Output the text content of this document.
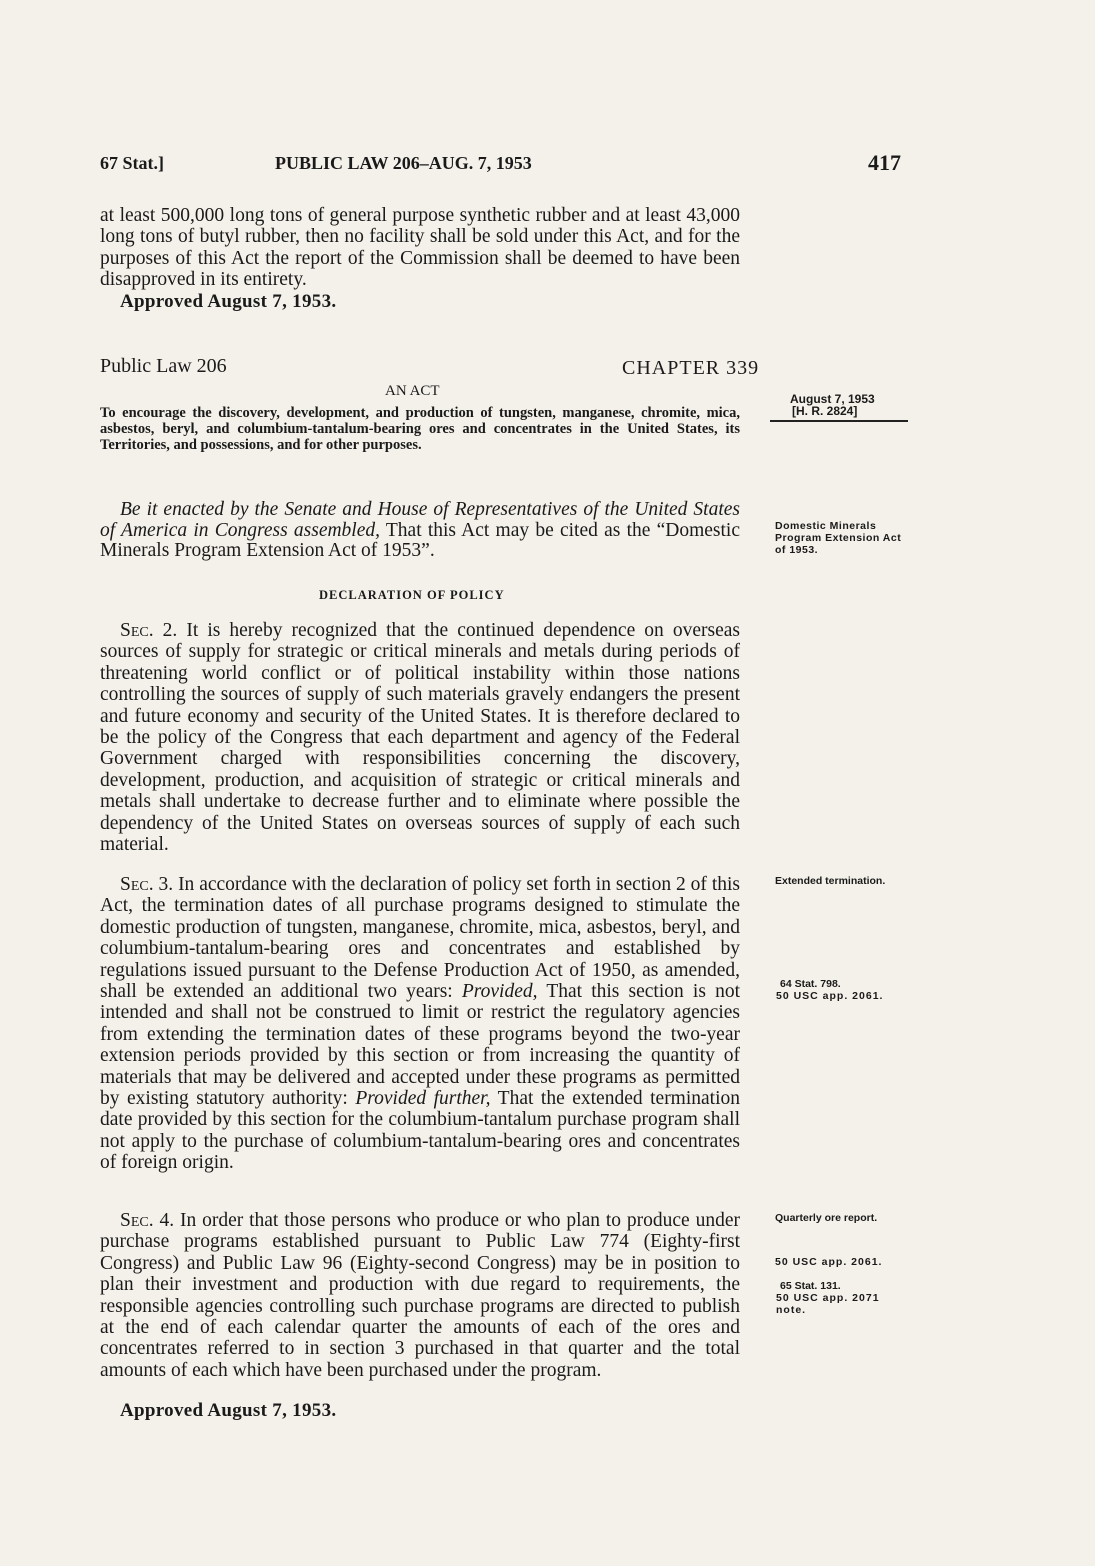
67 Stat.]	PUBLIC LAW 206–AUG. 7, 1953	417

at least 500,000 long tons of general purpose synthetic rubber and at least 43,000 long tons of butyl rubber, then no facility shall be sold under this Act, and for the purposes of this Act the report of the Commission shall be deemed to have been disapproved in its entirety.

Approved August 7, 1953.
Public Law 206	CHAPTER 339
AN ACT
To encourage the discovery, development, and production of tungsten, manganese, chromite, mica, asbestos, beryl, and columbium-tantalum-bearing ores and concentrates in the United States, its Territories, and possessions, and for other purposes.
Be it enacted by the Senate and House of Representatives of the United States of America in Congress assembled, That this Act may be cited as the “Domestic Minerals Program Extension Act of 1953”.
DECLARATION OF POLICY

Sec. 2. It is hereby recognized that the continued dependence on overseas sources of supply for strategic or critical minerals and metals during periods of threatening world conflict or of political instability within those nations controlling the sources of supply of such materials gravely endangers the present and future economy and security of the United States. It is therefore declared to be the policy of the Congress that each department and agency of the Federal Government charged with responsibilities concerning the discovery, development, production, and acquisition of strategic or critical minerals and metals shall undertake to decrease further and to eliminate where possible the dependency of the United States on overseas sources of supply of each such material.

Sec. 3. In accordance with the declaration of policy set forth in section 2 of this Act, the termination dates of all purchase programs designed to stimulate the domestic production of tungsten, manganese, chromite, mica, asbestos, beryl, and columbium-tantalum-bearing ores and concentrates and established by regulations issued pursuant to the Defense Production Act of 1950, as amended, shall be extended an additional two years: Provided, That this section is not intended and shall not be construed to limit or restrict the regulatory agencies from extending the termination dates of these programs beyond the two-year extension periods provided by this section or from increasing the quantity of materials that may be delivered and accepted under these programs as permitted by existing statutory authority: Provided further, That the extended termination date provided by this section for the columbium-tantalum purchase program shall not apply to the purchase of columbium-tantalum-bearing ores and concentrates of foreign origin.

Sec. 4. In order that those persons who produce or who plan to produce under purchase programs established pursuant to Public Law 774 (Eighty-first Congress) and Public Law 96 (Eighty-second Congress) may be in position to plan their investment and production with due regard to requirements, the responsible agencies controlling such purchase programs are directed to publish at the end of each calendar quarter the amounts of each of the ores and concentrates referred to in section 3 purchased in that quarter and the total amounts of each which have been purchased under the program.

Approved August 7, 1953.
August 7, 1953
[H. R. 2824]
Domestic Minerals Program Extension Act of 1953.
Extended termination.
64 Stat. 798.
50 USC app. 2061.
Quarterly ore report.
50 USC app. 2061.
65 Stat. 131.
50 USC app. 2071 note.
